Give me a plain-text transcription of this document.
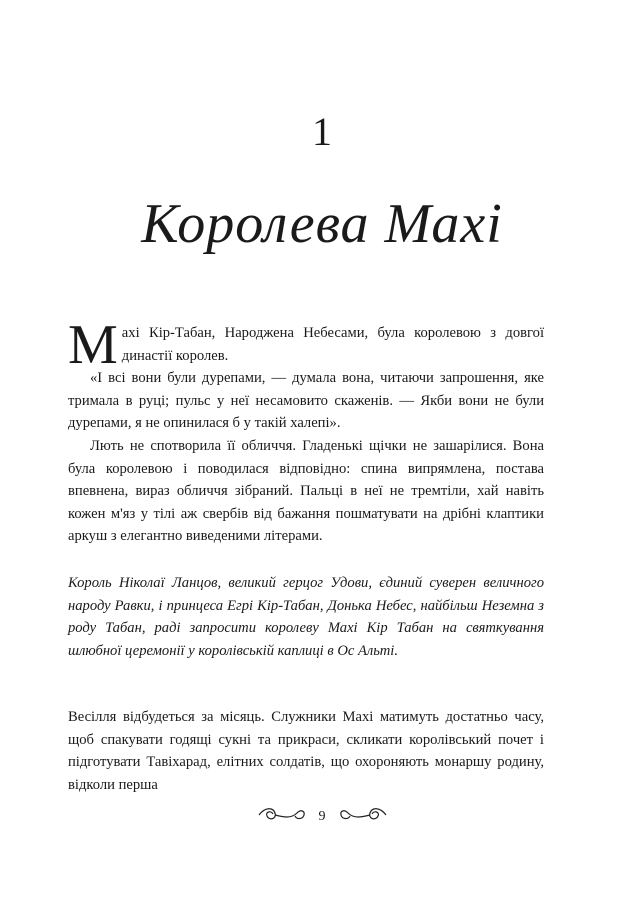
1
Королева Махі

М ахі Кір-Табан, Народжена Небесами, була королевою з довгої династії королев.

«І всі вони були дурепами, — думала вона, читаючи запрошення, яке тримала в руці; пульс у неї несамовито скаженів. — Якби вони не були дурепами, я не опинилася б у такій халепі».

Лють не спотворила її обличчя. Гладенькі щічки не зашарілися. Вона була королевою і поводилася відповідно: спина випрямлена, постава впевнена, вираз обличчя зібраний. Пальці в неї не тремтіли, хай навіть кожен м'яз у тілі аж свербів від бажання пошматувати на дрібні клаптики аркуш з елегантно виведеними літерами.

Король Ніколаї Ланцов, великий герцог Удови, єдиний суверен величного народу Равки, і принцеса Егрі Кір-Табан, Донька Небес, найбільш Неземна з роду Табан, раді запросити королеву Махі Кір Табан на святкування шлюбної церемонії у королівській каплиці в Ос Альті.

Весілля відбудеться за місяць. Служники Махі матимуть достатньо часу, щоб спакувати годящі сукні та прикраси, скликати королівський почет і підготувати Тавіхарад, елітних солдатів, що охороняють монаршу родину, відколи перша

9
